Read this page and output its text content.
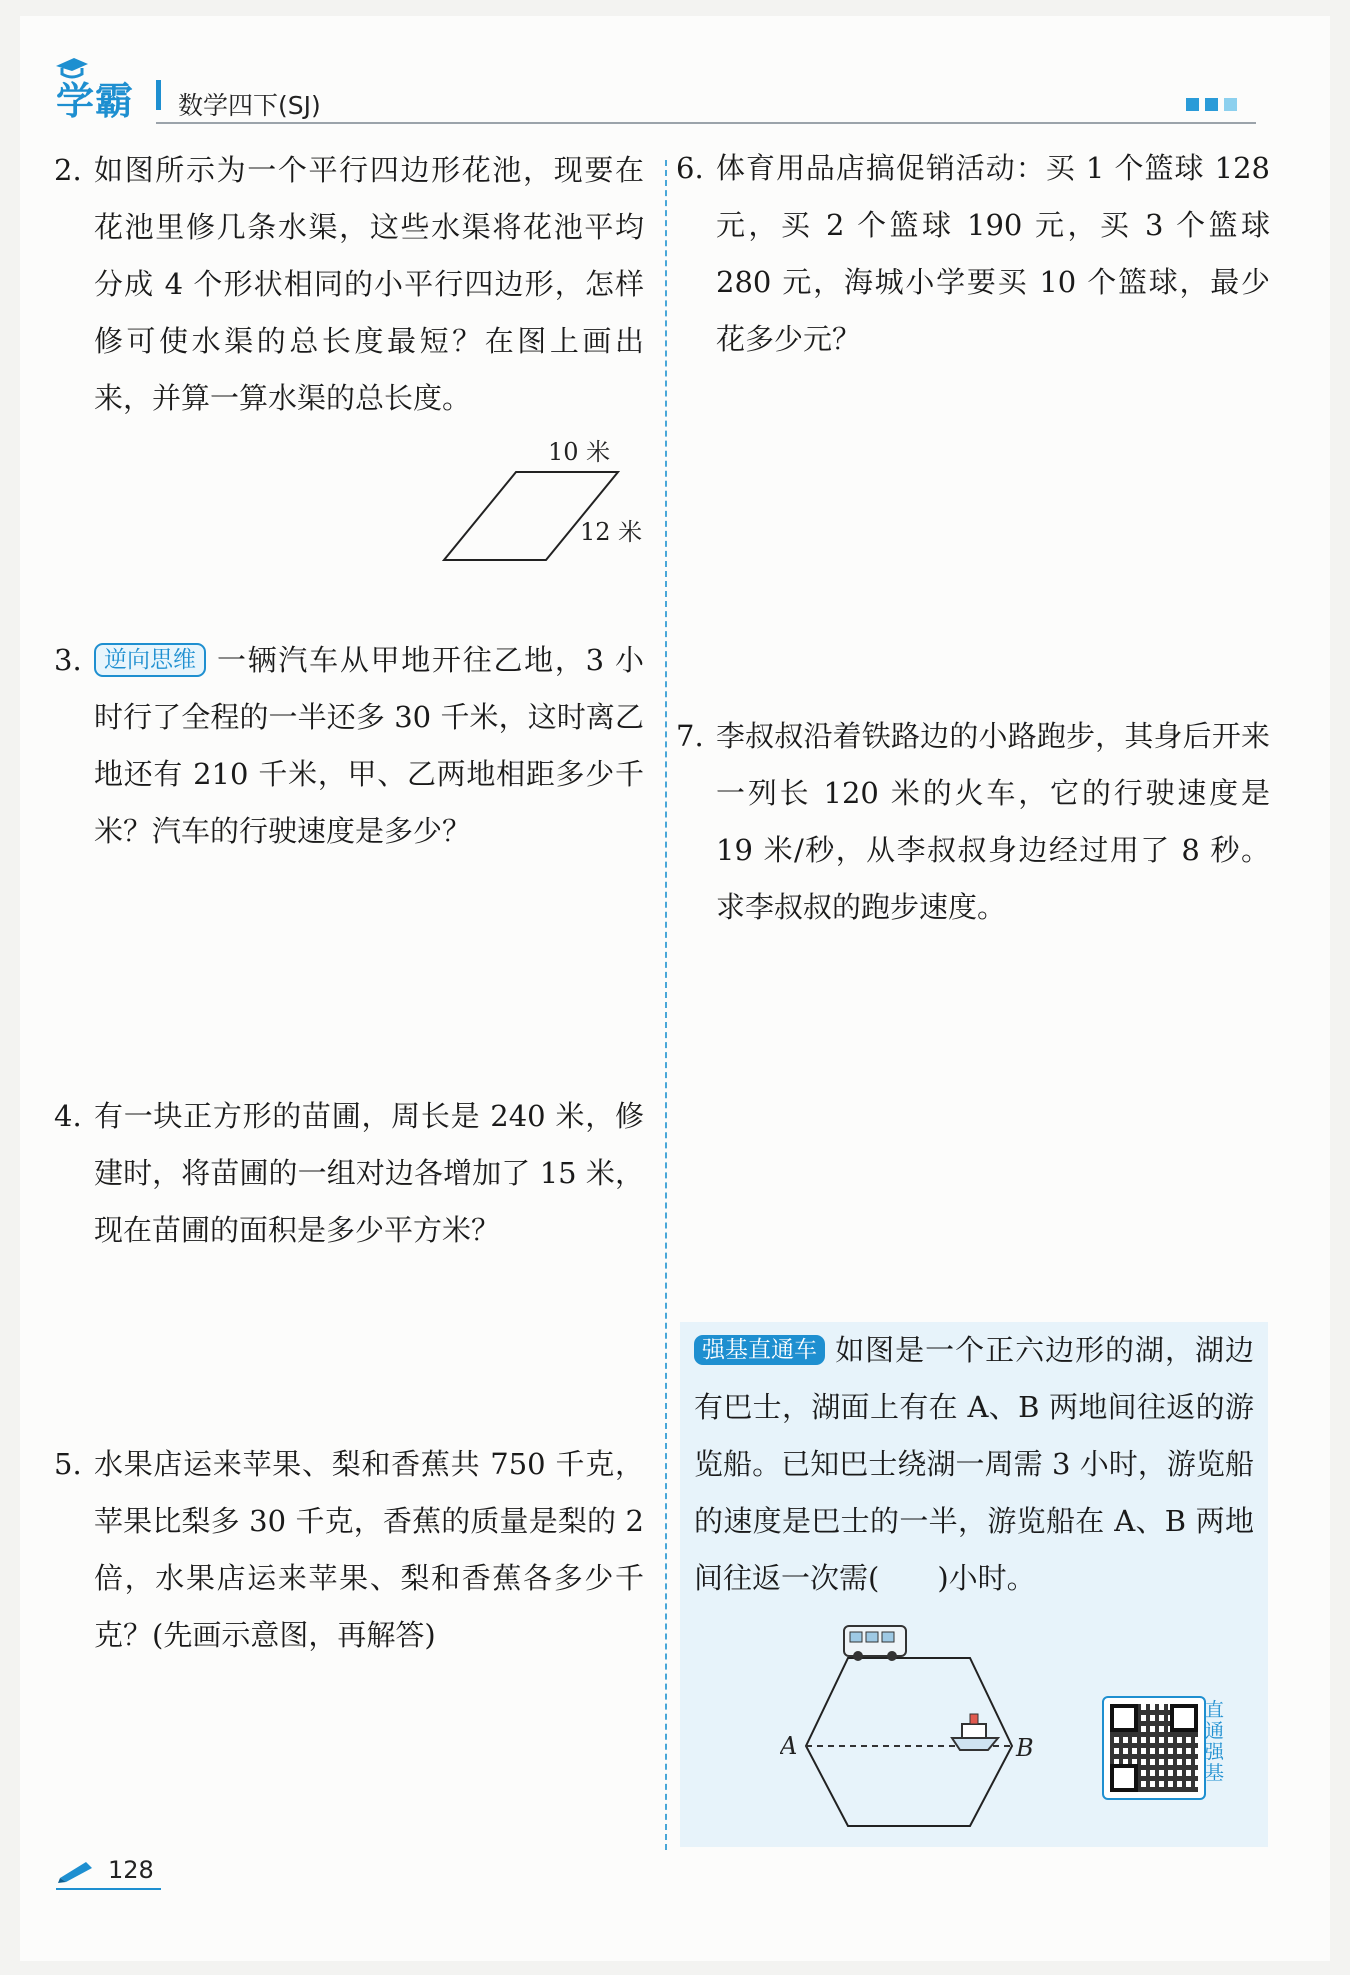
学霸 数学四下(SJ)
2. 如图所示为一个平行四边形花池，现要在花池里修几条水渠，这些水渠将花池平均分成 4 个形状相同的小平行四边形，怎样修可使水渠的总长度最短？在图上画出来，并算一算水渠的总长度。
10 米
12 米
3. 逆向思维 一辆汽车从甲地开往乙地，3 小时行了全程的一半还多 30 千米，这时离乙地还有 210 千米，甲、乙两地相距多少千米？汽车的行驶速度是多少？
4. 有一块正方形的苗圃，周长是 240 米，修建时，将苗圃的一组对边各增加了 15 米，现在苗圃的面积是多少平方米？
5. 水果店运来苹果、梨和香蕉共 750 千克，苹果比梨多 30 千克，香蕉的质量是梨的 2 倍，水果店运来苹果、梨和香蕉各多少千克？(先画示意图，再解答)
6. 体育用品店搞促销活动：买 1 个篮球 128 元，买 2 个篮球 190 元，买 3 个篮球 280 元，海城小学要买 10 个篮球，最少花多少元？
7. 李叔叔沿着铁路边的小路跑步，其身后开来一列长 120 米的火车，它的行驶速度是 19 米/秒，从李叔叔身边经过用了 8 秒。求李叔叔的跑步速度。
强基直通车 如图是一个正六边形的湖，湖边有巴士，湖面上有在 A、B 两地间往返的游览船。已知巴士绕湖一周需 3 小时，游览船的速度是巴士的一半，游览船在 A、B 两地间往返一次需(　　)小时。
A	B
直通强基
128
